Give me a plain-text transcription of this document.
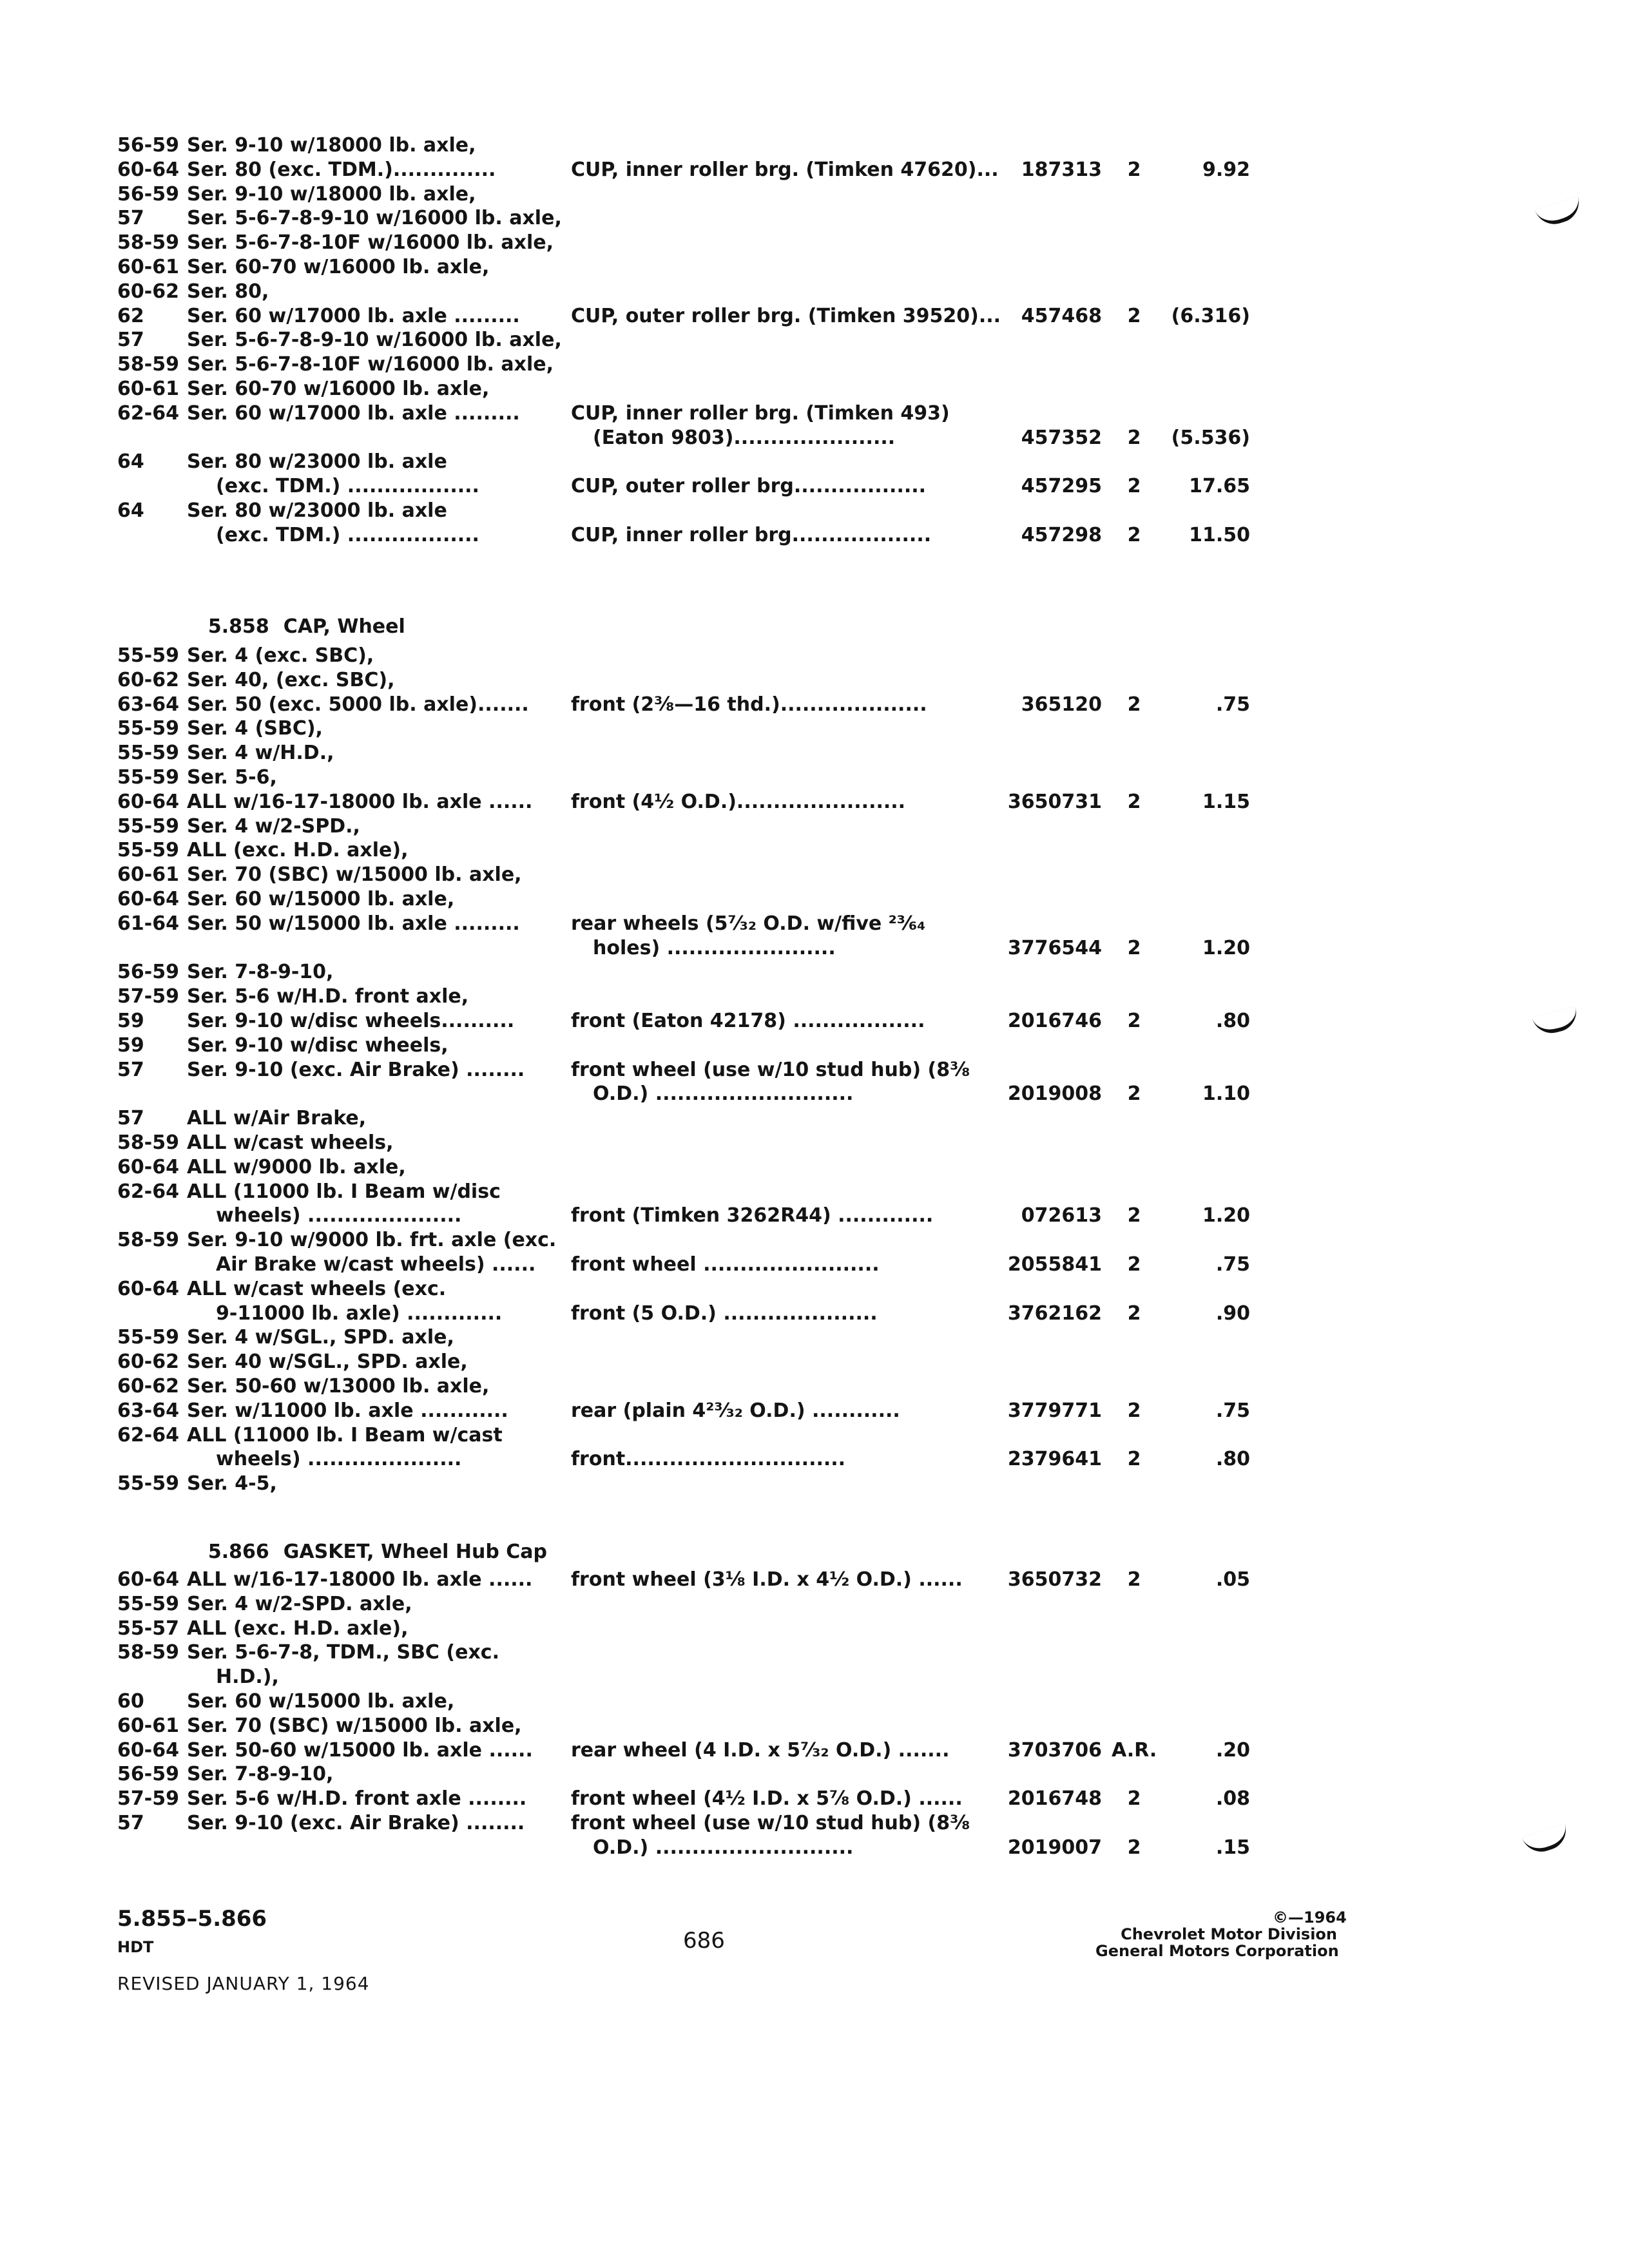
56-59 Ser. 9-10 w/18000 lb. axle,
60-64 Ser. 80 (exc. TDM.)..............	CUP, inner roller brg. (Timken 47620)...	187313	2	9.92
56-59 Ser. 9-10 w/18000 lb. axle,
57 Ser. 5-6-7-8-9-10 w/16000 lb. axle,
58-59 Ser. 5-6-7-8-10F w/16000 lb. axle,
60-61 Ser. 60-70 w/16000 lb. axle,
60-62 Ser. 80,
62 Ser. 60 w/17000 lb. axle .........	CUP, outer roller brg. (Timken 39520)...	457468	2	(6.316)
57 Ser. 5-6-7-8-9-10 w/16000 lb. axle,
58-59 Ser. 5-6-7-8-10F w/16000 lb. axle,
60-61 Ser. 60-70 w/16000 lb. axle,
62-64 Ser. 60 w/17000 lb. axle .........	CUP, inner roller brg. (Timken 493)
(Eaton 9803)......................	457352	2	(5.536)
64 Ser. 80 w/23000 lb. axle
(exc. TDM.) ..................	CUP, outer roller brg..................	457295	2	17.65
64 Ser. 80 w/23000 lb. axle
(exc. TDM.) ..................	CUP, inner roller brg...................	457298	2	11.50
55-59 Ser. 4 (exc. SBC),
60-62 Ser. 40, (exc. SBC),
63-64 Ser. 50 (exc. 5000 lb. axle)....... front (2⅜—16 thd.)....................	365120	2	.75
55-59 Ser. 4 (SBC),
55-59 Ser. 4 w/H.D.,
55-59 Ser. 5-6,
60-64 ALL w/16-17-18000 lb. axle ...... front (4½ O.D.).......................	3650731	2	1.15
55-59 Ser. 4 w/2-SPD.,
55-59 ALL (exc. H.D. axle),
60-61 Ser. 70 (SBC) w/15000 lb. axle,
60-64 Ser. 60 w/15000 lb. axle,
61-64 Ser. 50 w/15000 lb. axle .........	rear wheels (5⁷⁄₃₂ O.D. w/five ²³⁄₆₄
holes) .......................	3776544	2	1.20
56-59 Ser. 7-8-9-10,
57-59 Ser. 5-6 w/H.D. front axle,
59 Ser. 9-10 w/disc wheels..........	front (Eaton 42178) ..................	2016746	2	.80
59 Ser. 9-10 w/disc wheels,
57 Ser. 9-10 (exc. Air Brake) ........ front wheel (use w/10 stud hub) (8⅜
O.D.) ...........................	2019008	2	1.10
57 ALL w/Air Brake,
58-59 ALL w/cast wheels,
60-64 ALL w/9000 lb. axle,
62-64 ALL (11000 lb. I Beam w/disc
wheels) .....................	front (Timken 3262R44) .............	072613	2	1.20
58-59 Ser. 9-10 w/9000 lb. frt. axle (exc.
Air Brake w/cast wheels) ...... front wheel ........................	2055841	2	.75
60-64 ALL w/cast wheels (exc.
9-11000 lb. axle) .............	front (5 O.D.) .....................	3762162	2	.90
55-59 Ser. 4 w/SGL., SPD. axle,
60-62 Ser. 40 w/SGL., SPD. axle,
60-62 Ser. 50-60 w/13000 lb. axle,
63-64 Ser. w/11000 lb. axle ............	rear (plain 4²³⁄₃₂ O.D.) ............	3779771	2	.75
62-64 ALL (11000 lb. I Beam w/cast
wheels) .....................	front..............................	2379641	2	.80
55-59 Ser. 4-5,
60-64 ALL w/16-17-18000 lb. axle ...... front wheel (3⅛ I.D. x 4½ O.D.) ......	3650732	2	.05
55-59 Ser. 4 w/2-SPD. axle,
55-57 ALL (exc. H.D. axle),
58-59 Ser. 5-6-7-8, TDM., SBC (exc.
H.D.),
60 Ser. 60 w/15000 lb. axle,
60-61 Ser. 70 (SBC) w/15000 lb. axle,
60-64 Ser. 50-60 w/15000 lb. axle ...... rear wheel (4 I.D. x 5⁷⁄₃₂ O.D.) .......	3703706 A.R.	.20
56-59 Ser. 7-8-9-10,
57-59 Ser. 5-6 w/H.D. front axle ........ front wheel (4½ I.D. x 5⅞ O.D.) ......	2016748	2	.08
57 Ser. 9-10 (exc. Air Brake) ........ front wheel (use w/10 stud hub) (8⅜
O.D.) ...........................	2019007	2	.15

5.858 CAP, Wheel

5.866 GASKET, Wheel Hub Cap

5.855–5.866
HDT
REVISED JANUARY 1, 1964
686
©—1964
Chevrolet Motor Division
General Motors Corporation
